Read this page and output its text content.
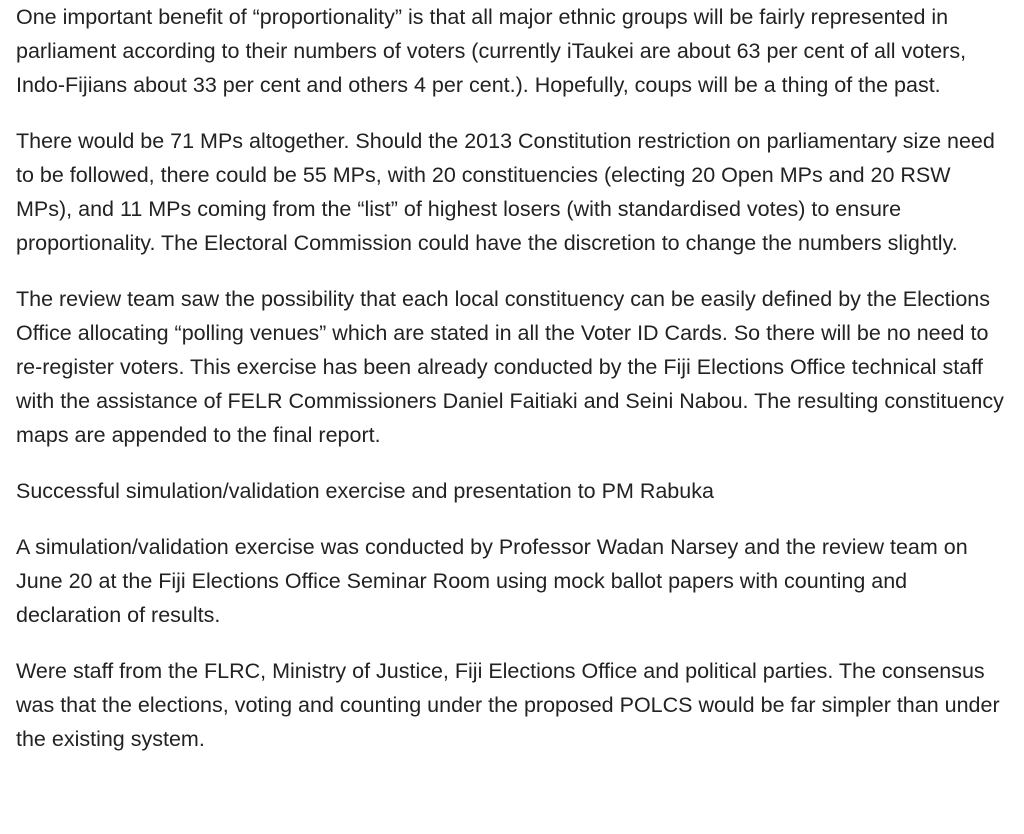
One important benefit of “proportionality” is that all major ethnic groups will be fairly represented in parliament according to their numbers of voters (currently iTaukei are about 63 per cent of all voters, Indo-Fijians about 33 per cent and others 4 per cent.). Hopefully, coups will be a thing of the past.

There would be 71 MPs altogether. Should the 2013 Constitution restriction on parliamentary size need to be followed, there could be 55 MPs, with 20 constituencies (electing 20 Open MPs and 20 RSW MPs), and 11 MPs coming from the “list” of highest losers (with standardised votes) to ensure proportionality. The Electoral Commission could have the discretion to change the numbers slightly.

The review team saw the possibility that each local constituency can be easily defined by the Elections Office allocating “polling venues” which are stated in all the Voter ID Cards. So there will be no need to re-register voters. This exercise has been already conducted by the Fiji Elections Office technical staff with the assistance of FELR Commissioners Daniel Faitiaki and Seini Nabou. The resulting constituency maps are appended to the final report.

Successful simulation/validation exercise and presentation to PM Rabuka

A simulation/validation exercise was conducted by Professor Wadan Narsey and the review team on June 20 at the Fiji Elections Office Seminar Room using mock ballot papers with counting and declaration of results.

Were staff from the FLRC, Ministry of Justice, Fiji Elections Office and political parties. The consensus was that the elections, voting and counting under the proposed POLCS would be far simpler than under the existing system.
